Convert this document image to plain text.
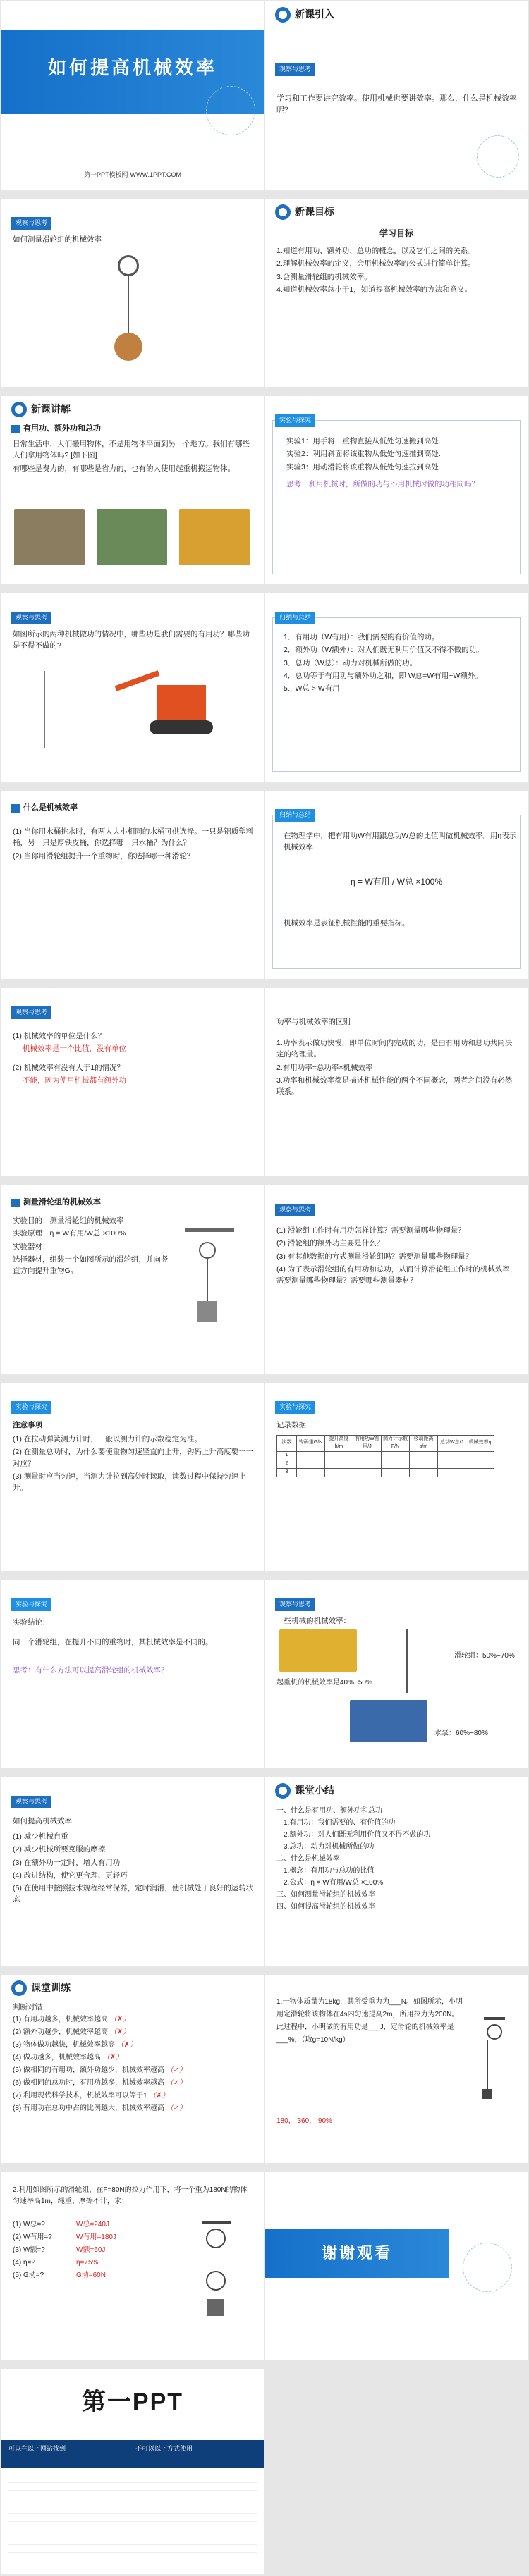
如何提高机械效率
第一PPT模板网-WWW.1PPT.COM
新课引入
观察与思考
学习和工作要讲究效率。使用机械也要讲效率。那么，什么是机械效率呢？
观察与思考
如何测量滑轮组的机械效率
新课目标
学习目标
1.知道有用功、额外功、总功的概念，以及它们之间的关系。
2.理解机械效率的定义，会用机械效率的公式进行简单计算。
3.会测量滑轮组的机械效率。
4.知道机械效率总小于1，知道提高机械效率的方法和意义。
新课讲解
有用功、额外功和总功
日常生活中，人们搬用物体，不是用物体平面到另一个地方。我们有哪些人们拿用物体吗? [如下图]
有哪些是费力的，有哪些是省力的，也有的人使用起重机搬运物体。
实验与探究
实验1：用手将一重物直接从低处匀速搬到高处.
实验2：利用斜面将该重物从低处匀速推到高处.
实验3：用动滑轮将该重物从低处匀速拉到高处.
思考：利用机械时，所做的功与不用机械时做的功相同吗？
观察与思考
如图所示的两种机械做功的情况中，哪些功是我们需要的有用功？哪些功是不得不做的?
归纳与总结
1．有用功（W有用）：我们需要的有价值的功。
2．额外功（W额外）：对人们既无利用价值又不得不做的功。
3．总功（W总）：动力对机械所做的功。
4．总功等于有用功与额外功之和，即 W总=W有用+W额外。
5．W总 > W有用
什么是机械效率
(1) 当你用水桶挑水时，有两人大小相同的水桶可供选择。一只是铝质塑料桶，另一只是厚铁皮桶，你选择哪一只水桶？为什么？
(2) 当你用滑轮组提升一个重物时，你选择哪一种滑轮？
归纳与总结
在物理学中，把有用功W有用跟总功W总的比值叫做机械效率。用η表示机械效率
η = W有用 / W总 ×100%
机械效率是表征机械性能的重要指标。
观察与思考
(1) 机械效率的单位是什么？
机械效率是一个比值，没有单位
(2) 机械效率有没有大于1的情况？
不能，因为使用机械都有额外功
功率与机械效率的区别
1.功率表示做功快慢，即单位时间内完成的功，是由有用功和总功共同决定的物理量。
2.有用功率=总功率×机械效率
3.功率和机械效率都是描述机械性能的两个不同概念，两者之间没有必然联系。
测量滑轮组的机械效率
实验目的：测量滑轮组的机械效率
实验原理：η = W有用/W总 ×100%
实验器材：
选择器材，组装一个如图所示的滑轮组，并向竖直方向提升重物G。
观察与思考
(1) 滑轮组工作时有用功怎样计算？需要测量哪些物理量？
(2) 滑轮组的额外功主要是什么？
(3) 有其他数据的方式测量滑轮组吗？需要测量哪些物理量？
(4) 为了表示滑轮组的有用功和总功，从而计算滑轮组工作时的机械效率，需要测量哪些物理量？需要哪些测量器材？
实验与探究
注意事项
(1) 在拉动弹簧测力计时，一般以测力计的示数稳定为准。
(2) 在测量总功时，为什么要使重物匀速竖直向上升，钩码上升高度要一一对应？
(3) 测量时应当匀速，当测力计拉到高处时读取，读数过程中保持匀速上升。
实验与探究
记录数据
次数	钩码重G/N	提升高度h/m	有用功W有用/J	测力计示数F/N	移动距离s/m	总功W总/J	机械效率η
1							
2							
3							
实验与探究
实验结论：
同一个滑轮组，在提升不同的重物时，其机械效率是不同的。
思考：有什么方法可以提高滑轮组的机械效率？
观察与思考
一些机械的机械效率：
起重机的机械效率是40%~50%
滑轮组：50%~70%
水泵：60%~80%
观察与思考
如何提高机械效率
(1) 减少机械自重
(2) 减少机械所要克服的摩擦
(3) 在额外功一定时，增大有用功
(4) 改进结构，使它更合理、更轻巧
(5) 在使用中按照技术规程经常保养，定时润滑，使机械处于良好的运转状态
课堂小结
一、什么是有用功、额外功和总功
1.有用功：我们需要的、有价值的功
2.额外功：对人们既无利用价值又不得不做的功
3.总功：动力对机械所做的功
二、什么是机械效率
1.概念：有用功与总功的比值
2.公式：η = W有用/W总 ×100%
三、如何测量滑轮组的机械效率
四、如何提高滑轮组的机械效率
课堂训练
判断对错
(1) 有用功越多，机械效率越高 （✗）
(2) 额外功越少，机械效率越高 （✗）
(3) 物体做功越快，机械效率越高 （✗）
(4) 做功越多，机械效率越高 （✗）
(5) 做相同的有用功，额外功越少，机械效率越高 （✓）
(6) 做相同的总功时，有用功越多，机械效率越高 （✓）
(7) 利用现代科学技术，机械效率可以等于1 （✗）
(8) 有用功在总功中占的比例越大，机械效率越高 （✓）
1.一物体质量为18kg，其所受重力为___N。如图所示，小明用定滑轮将该物体在4s内匀速提高2m，所用拉力为200N。此过程中，小明做的有用功是___J，定滑轮的机械效率是___%，（取g=10N/kg）
180， 360， 90%
2.利用如图所示的滑轮组，在F=80N的拉力作用下，将一个重为180N的物体匀速举高1m，绳重、摩擦不计，求：
(1) W总=?	W总=240J
(2) W有用=?	W有用=180J
(3) W额=?	W额=60J
(4) η=?	η=75%
(5) G动=?	G动=60N
谢谢观看
第一PPT
可以在以下网站找到	不可以以下方式使用
